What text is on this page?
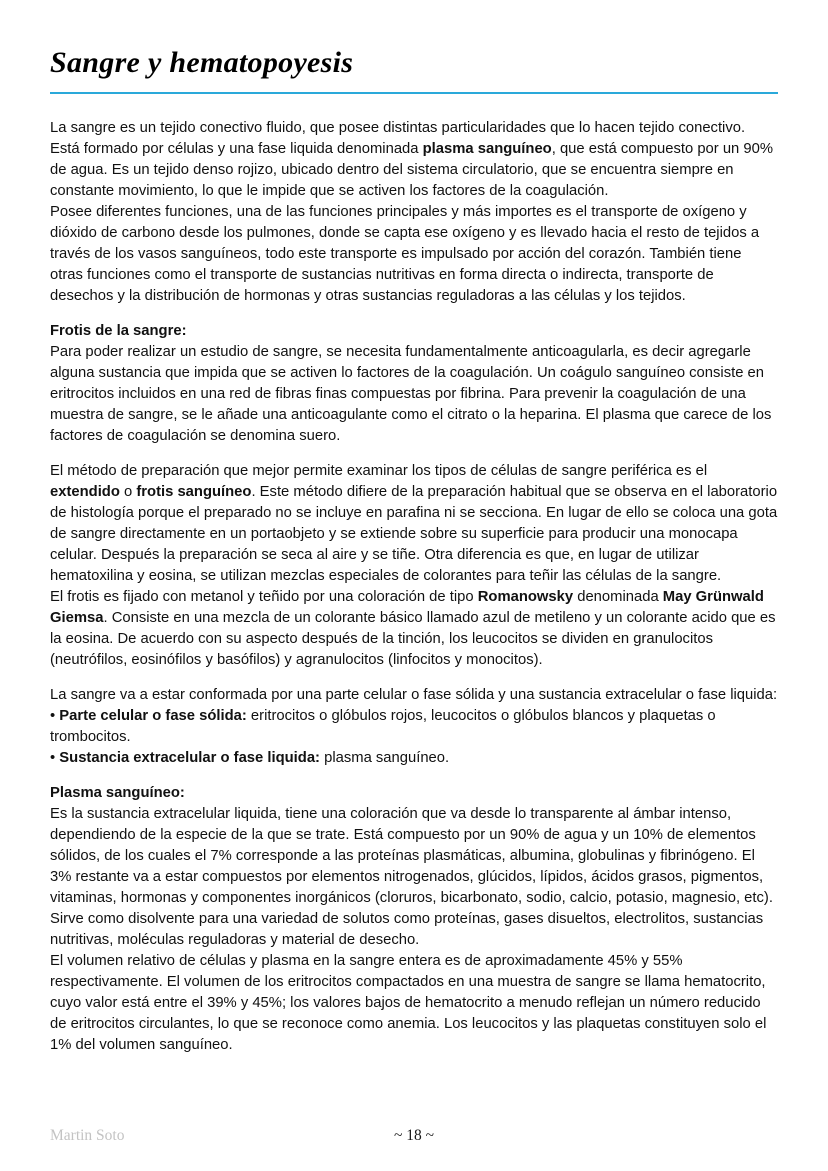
Sangre y hematopoyesis

La sangre es un tejido conectivo fluido, que posee distintas particularidades que lo hacen tejido conectivo. Está formado por células y una fase liquida denominada plasma sanguíneo, que está compuesto por un 90% de agua. Es un tejido denso rojizo, ubicado dentro del sistema circulatorio, que se encuentra siempre en constante movimiento, lo que le impide que se activen los factores de la coagulación.

Posee diferentes funciones, una de las funciones principales y más importes es el transporte de oxígeno y dióxido de carbono desde los pulmones, donde se capta ese oxígeno y es llevado hacia el resto de tejidos a través de los vasos sanguíneos, todo este transporte es impulsado por acción del corazón. También tiene otras funciones como el transporte de sustancias nutritivas en forma directa o indirecta, transporte de desechos y la distribución de hormonas y otras sustancias reguladoras a las células y los tejidos.

Frotis de la sangre:

Para poder realizar un estudio de sangre, se necesita fundamentalmente anticoagularla, es decir agregarle alguna sustancia que impida que se activen lo factores de la coagulación. Un coágulo sanguíneo consiste en eritrocitos incluidos en una red de fibras finas compuestas por fibrina. Para prevenir la coagulación de una muestra de sangre, se le añade una anticoagulante como el citrato o la heparina. El plasma que carece de los factores de coagulación se denomina suero.

El método de preparación que mejor permite examinar los tipos de células de sangre periférica es el extendido o frotis sanguíneo. Este método difiere de la preparación habitual que se observa en el laboratorio de histología porque el preparado no se incluye en parafina ni se secciona. En lugar de ello se coloca una gota de sangre directamente en un portaobjeto y se extiende sobre su superficie para producir una monocapa celular. Después la preparación se seca al aire y se tiñe. Otra diferencia es que, en lugar de utilizar hematoxilina y eosina, se utilizan mezclas especiales de colorantes para teñir las células de la sangre.

El frotis es fijado con metanol y teñido por una coloración de tipo Romanowsky denominada May Grünwald Giemsa. Consiste en una mezcla de un colorante básico llamado azul de metileno y un colorante acido que es la eosina. De acuerdo con su aspecto después de la tinción, los leucocitos se dividen en granulocitos (neutrófilos, eosinófilos y basófilos) y agranulocitos (linfocitos y monocitos).

La sangre va a estar conformada por una parte celular o fase sólida y una sustancia extracelular o fase liquida:

• Parte celular o fase sólida: eritrocitos o glóbulos rojos, leucocitos o glóbulos blancos y plaquetas o trombocitos.

• Sustancia extracelular o fase liquida: plasma sanguíneo.

Plasma sanguíneo:

Es la sustancia extracelular liquida, tiene una coloración que va desde lo transparente al ámbar intenso, dependiendo de la especie de la que se trate. Está compuesto por un 90% de agua y un 10% de elementos sólidos, de los cuales el 7% corresponde a las proteínas plasmáticas, albumina, globulinas y fibrinógeno. El 3% restante va a estar compuestos por elementos nitrogenados, glúcidos, lípidos, ácidos grasos, pigmentos, vitaminas, hormonas y componentes inorgánicos (cloruros, bicarbonato, sodio, calcio, potasio, magnesio, etc).

Sirve como disolvente para una variedad de solutos como proteínas, gases disueltos, electrolitos, sustancias nutritivas, moléculas reguladoras y material de desecho.

El volumen relativo de células y plasma en la sangre entera es de aproximadamente 45% y 55% respectivamente. El volumen de los eritrocitos compactados en una muestra de sangre se llama hematocrito, cuyo valor está entre el 39% y 45%; los valores bajos de hematocrito a menudo reflejan un número reducido de eritrocitos circulantes, lo que se reconoce como anemia. Los leucocitos y las plaquetas constituyen solo el 1% del volumen sanguíneo.

Martin Soto	~ 18 ~
